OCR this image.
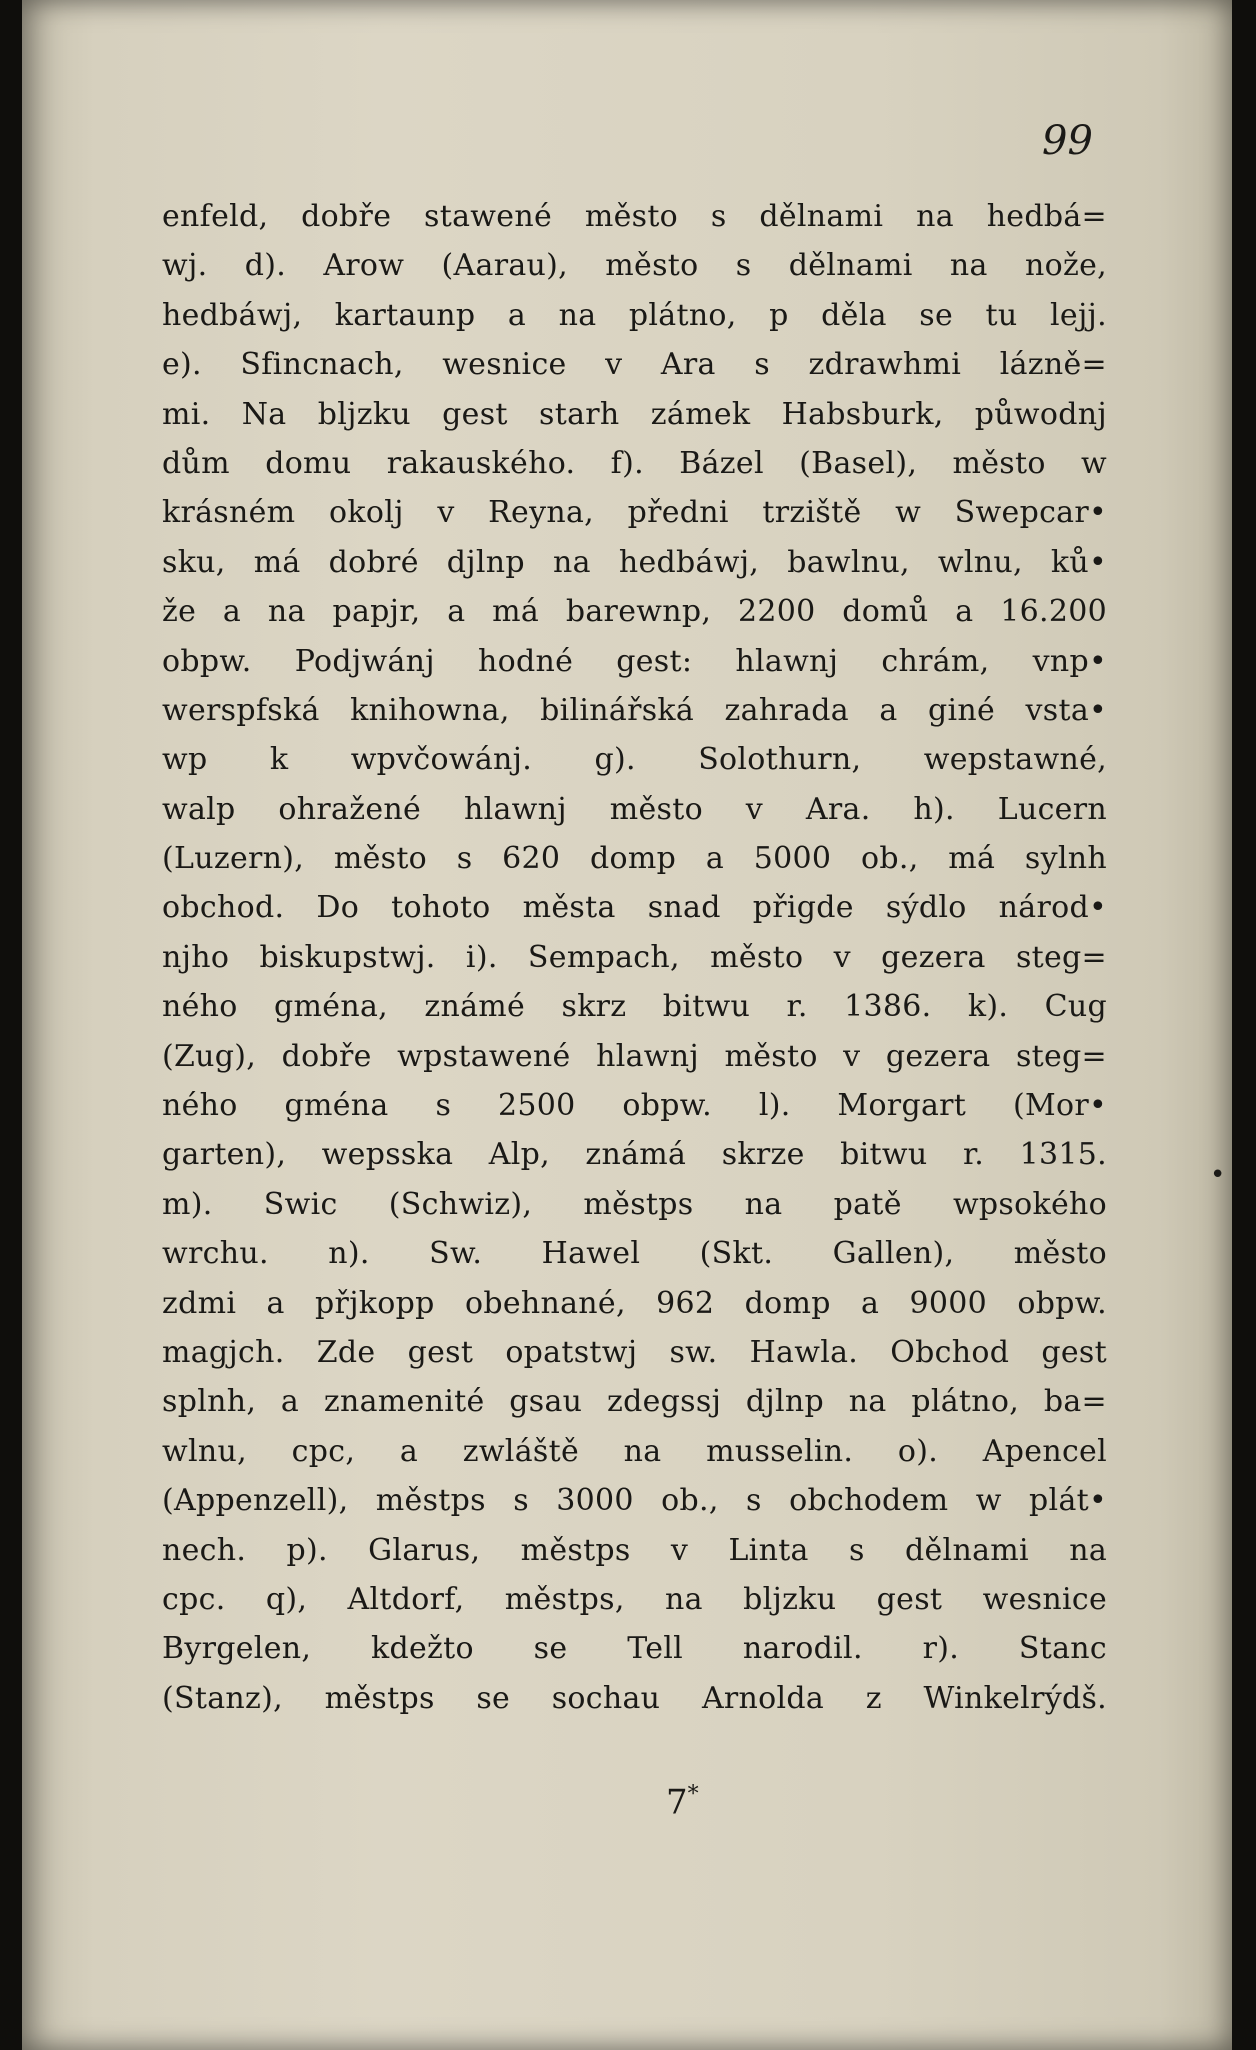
99

enfeld, dobře stawené město s dělnami na hedbá=
wj. d). Arow (Aarau), město s dělnami na nože,
hedbáwj, kartaunp a na plátno, p děla se tu lejj.
e). Sfincnach, wesnice v Ara s zdrawhmi lázně=
mi. Na bljzku gest starh zámek Habsburk, půwodnj
dům domu rakauského. f). Bázel (Basel), město w
krásném okolj v Reyna, předni trziště w Swepcar•
sku, má dobré djlnp na hedbáwj, bawlnu, wlnu, ků•
že a na papjr, a má barewnp, 2200 domů a 16.200
obpw. Podjwánj hodné gest: hlawnj chrám, vnp•
werspfská knihowna, bilinářská zahrada a giné vsta•
wp k wpvčowánj. g). Solothurn, wepstawné,
walp ohražené hlawnj město v Ara. h). Lucern
(Luzern), město s 620 domp a 5000 ob., má sylnh
obchod. Do tohoto města snad přigde sýdlo národ•
njho biskupstwj. i). Sempach, město v gezera steg=
ného gména, známé skrz bitwu r. 1386. k). Cug
(Zug), dobře wpstawené hlawnj město v gezera steg=
ného gména s 2500 obpw. l). Morgart (Mor•
garten), wepsska Alp, známá skrze bitwu r. 1315.
m). Swic (Schwiz), městps na patě wpsokého
wrchu. n). Sw. Hawel (Skt. Gallen), město
zdmi a přjkopp obehnané, 962 domp a 9000 obpw.
magjch. Zde gest opatstwj sw. Hawla. Obchod gest
splnh, a znamenité gsau zdegssj djlnp na plátno, ba=
wlnu, cpc, a zwláště na musselin. o). Apencel
(Appenzell), městps s 3000 ob., s obchodem w plát•
nech. p). Glarus, městps v Linta s dělnami na
cpc. q), Altdorf, městps, na bljzku gest wesnice
Byrgelen, kdežto se Tell narodil. r). Stanc
(Stanz), městps se sochau Arnolda z Winkelrýdš.

7*

•
